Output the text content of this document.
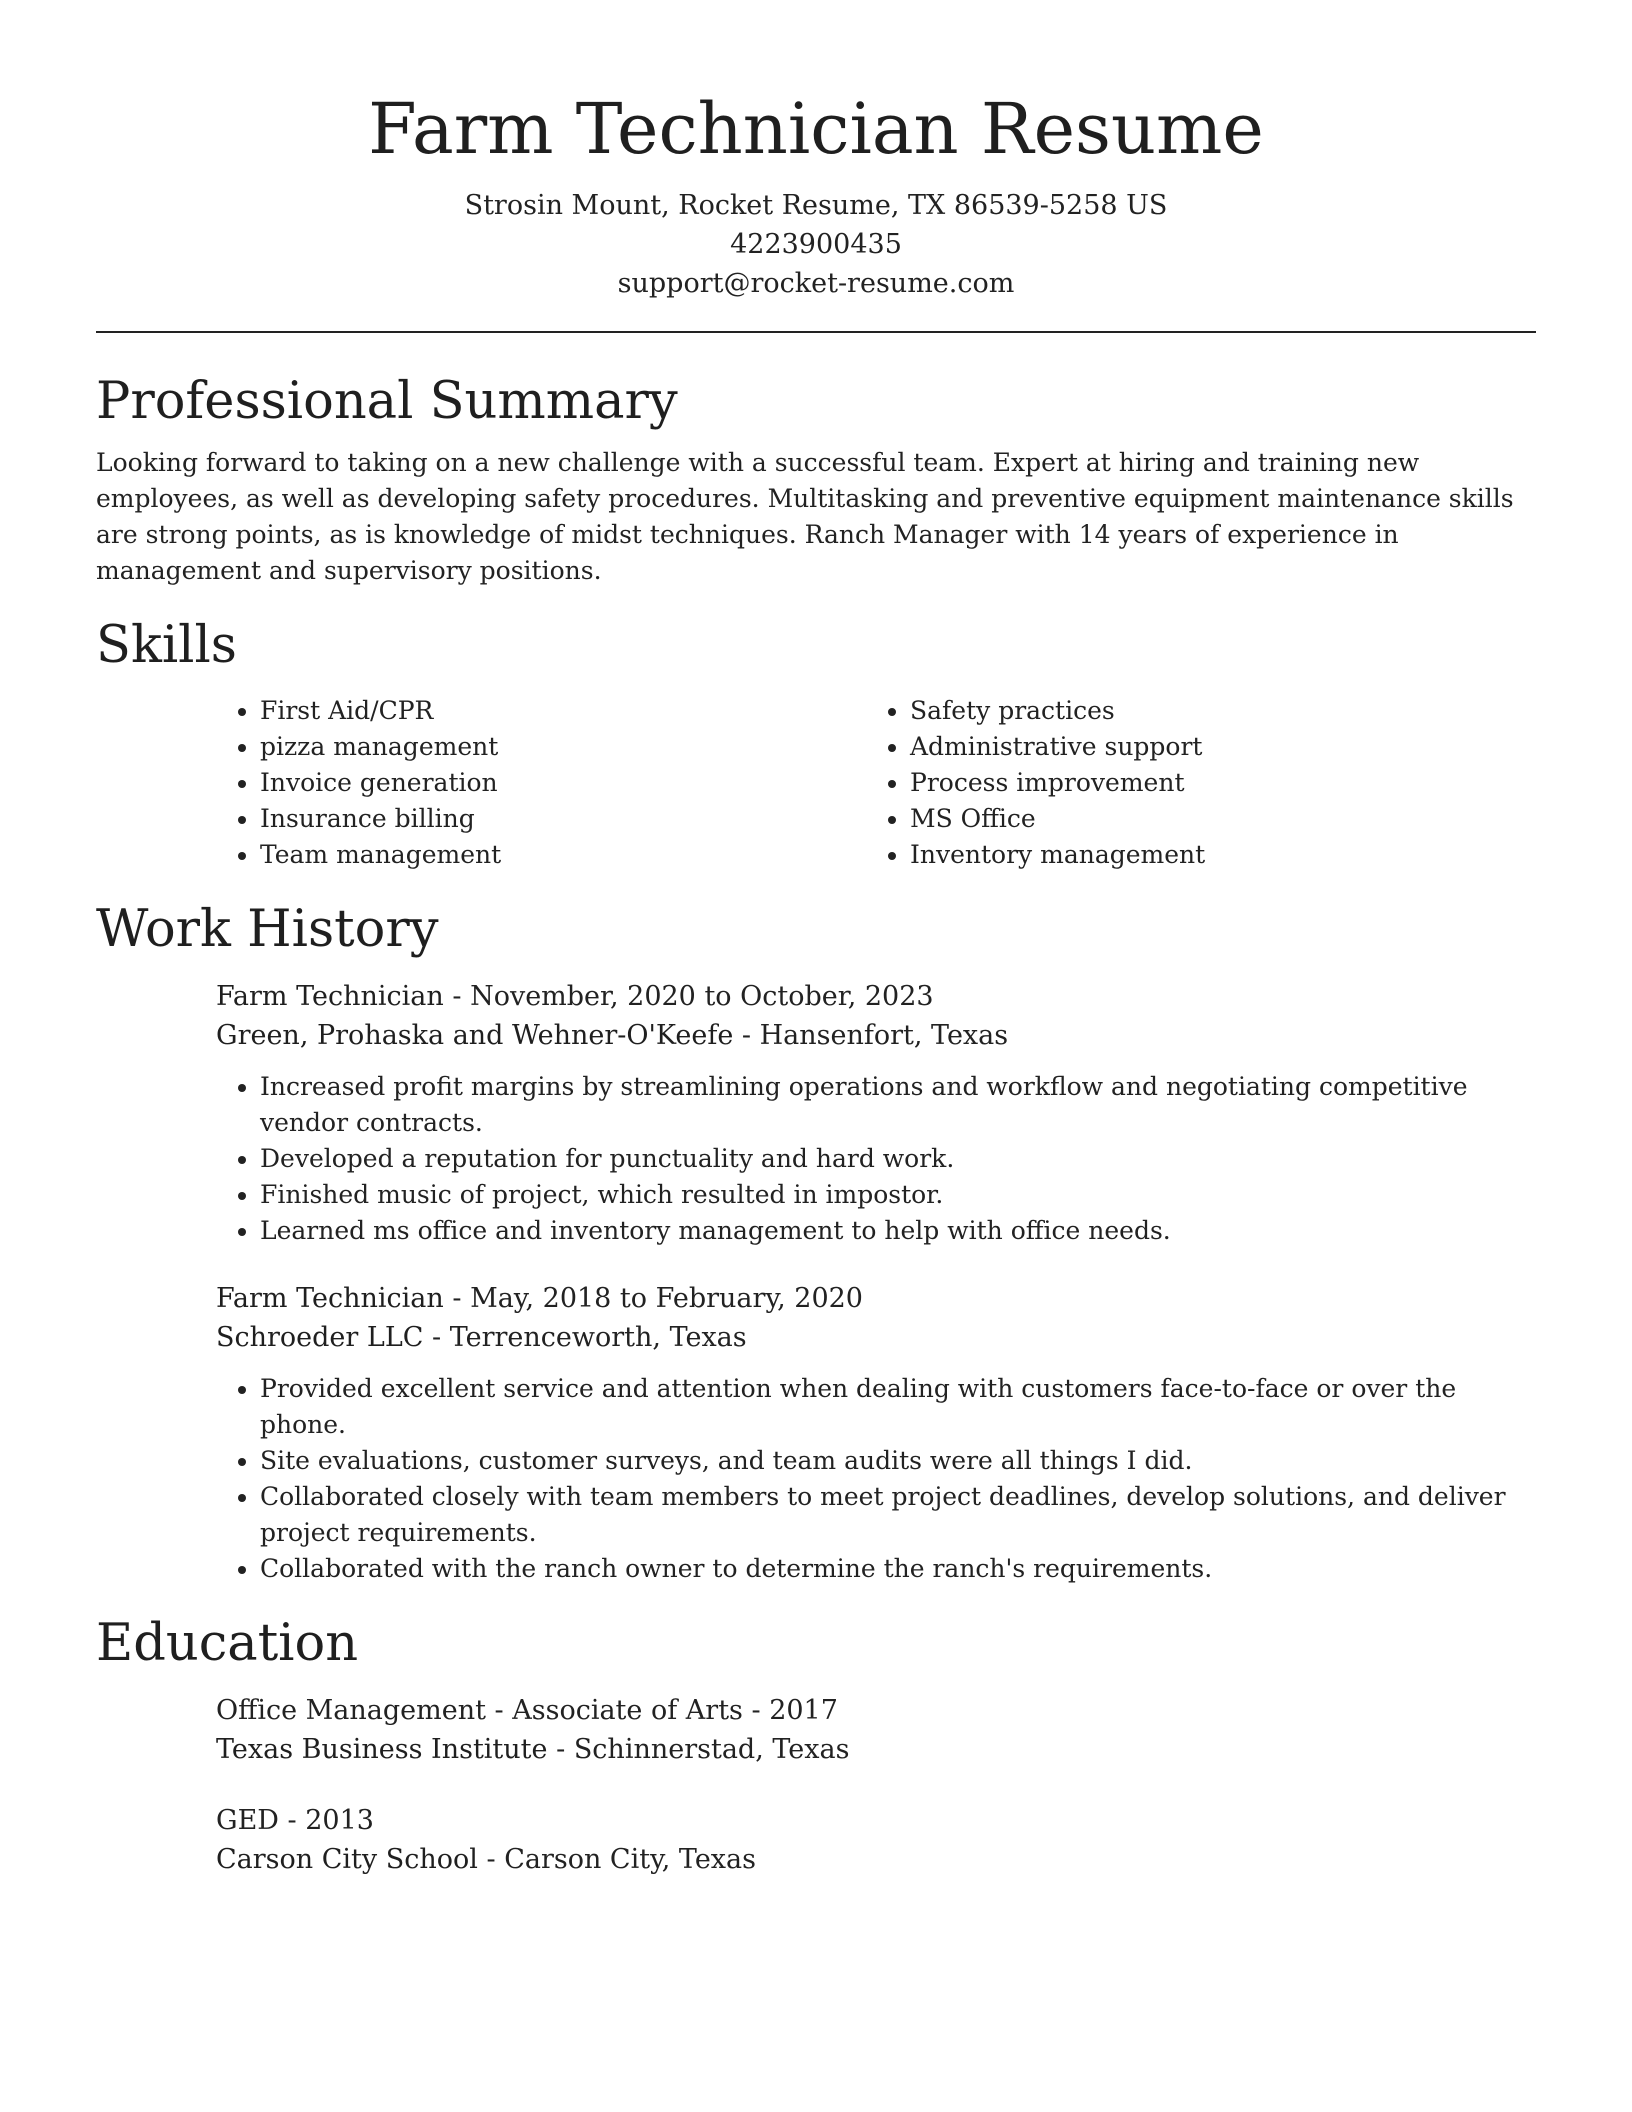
Farm Technician Resume
Strosin Mount, Rocket Resume, TX 86539-5258 US
4223900435
support@rocket-resume.com
Professional Summary

Looking forward to taking on a new challenge with a successful team. Expert at hiring and training new employees, as well as developing safety procedures. Multitasking and preventive equipment maintenance skills are strong points, as is knowledge of midst techniques. Ranch Manager with 14 years of experience in management and supervisory positions.

Skills
• First Aid/CPR
• pizza management
• Invoice generation
• Insurance billing
• Team management
• Safety practices
• Administrative support
• Process improvement
• MS Office
• Inventory management
Work History
Farm Technician - November, 2020 to October, 2023
Green, Prohaska and Wehner-O'Keefe - Hansenfort, Texas
• Increased profit margins by streamlining operations and workflow and negotiating competitive vendor contracts.
• Developed a reputation for punctuality and hard work.
• Finished music of project, which resulted in impostor.
• Learned ms office and inventory management to help with office needs.
Farm Technician - May, 2018 to February, 2020
Schroeder LLC - Terrenceworth, Texas
• Provided excellent service and attention when dealing with customers face-to-face or over the phone.
• Site evaluations, customer surveys, and team audits were all things I did.
• Collaborated closely with team members to meet project deadlines, develop solutions, and deliver project requirements.
• Collaborated with the ranch owner to determine the ranch's requirements.
Education
Office Management - Associate of Arts - 2017
Texas Business Institute - Schinnerstad, Texas
GED - 2013
Carson City School - Carson City, Texas
